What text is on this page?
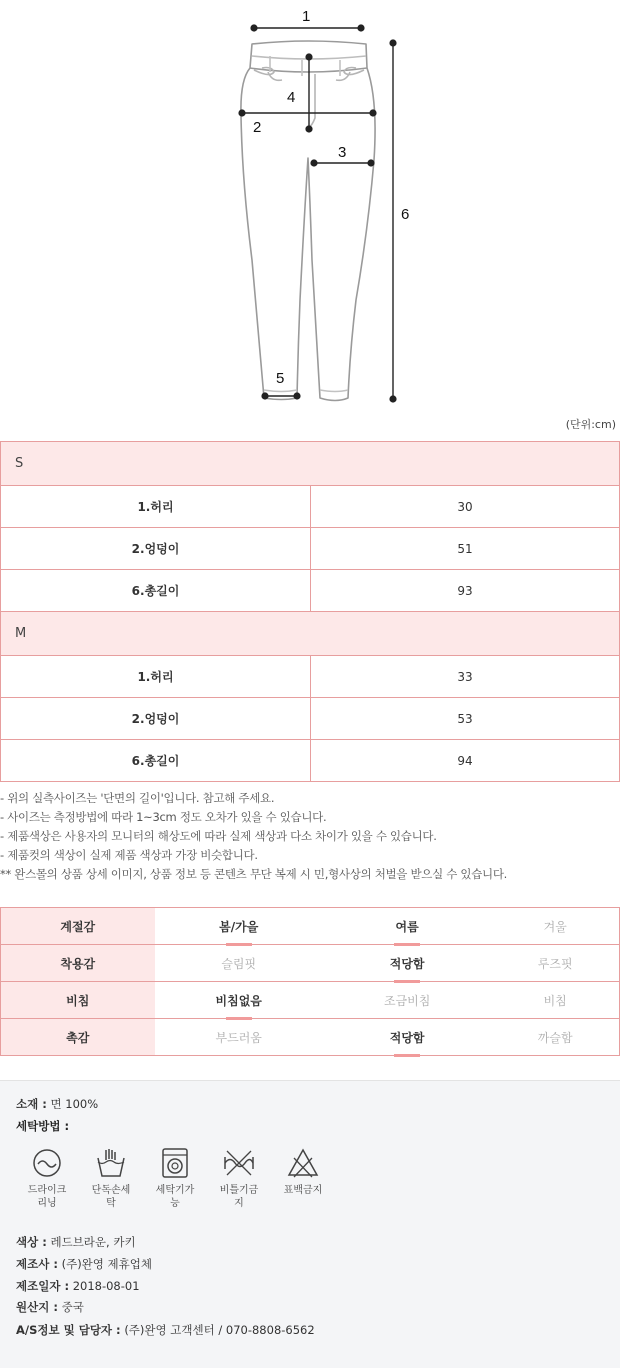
1
2
3
4
5
6
(단위:cm)
S	
1.허리	30
2.엉덩이	51
6.총길이	93
M	
1.허리	33
2.엉덩이	53
6.총길이	94

- 위의 실측사이즈는 '단면의 길이'입니다. 참고해 주세요.

- 사이즈는 측정방법에 따라 1~3cm 정도 오차가 있을 수 있습니다.

- 제품색상은 사용자의 모니터의 해상도에 따라 실제 색상과 다소 차이가 있을 수 있습니다.

- 제품컷의 색상이 실제 제품 색상과 가장 비슷합니다.

** 완스몰의 상품 상세 이미지, 상품 정보 등 콘텐츠 무단 복제 시 민,형사상의 처벌을 받으실 수 있습니다.

계절감	봄/가을	여름	겨울
착용감	슬림핏	적당함	루즈핏
비침	비침없음	조금비침	비침
촉감	부드러움	적당함	까슬함
소재 : 면 100%
세탁방법 :
드라이크
리닝
단독손세
탁
세탁기가
능
비틀기금
지
표백금지
색상 : 레드브라운, 카키
제조사 : (주)완영 제휴업체
제조일자 : 2018-08-01
원산지 : 중국
A/S정보 및 담당자 : (주)완영 고객센터 / 070-8808-6562
